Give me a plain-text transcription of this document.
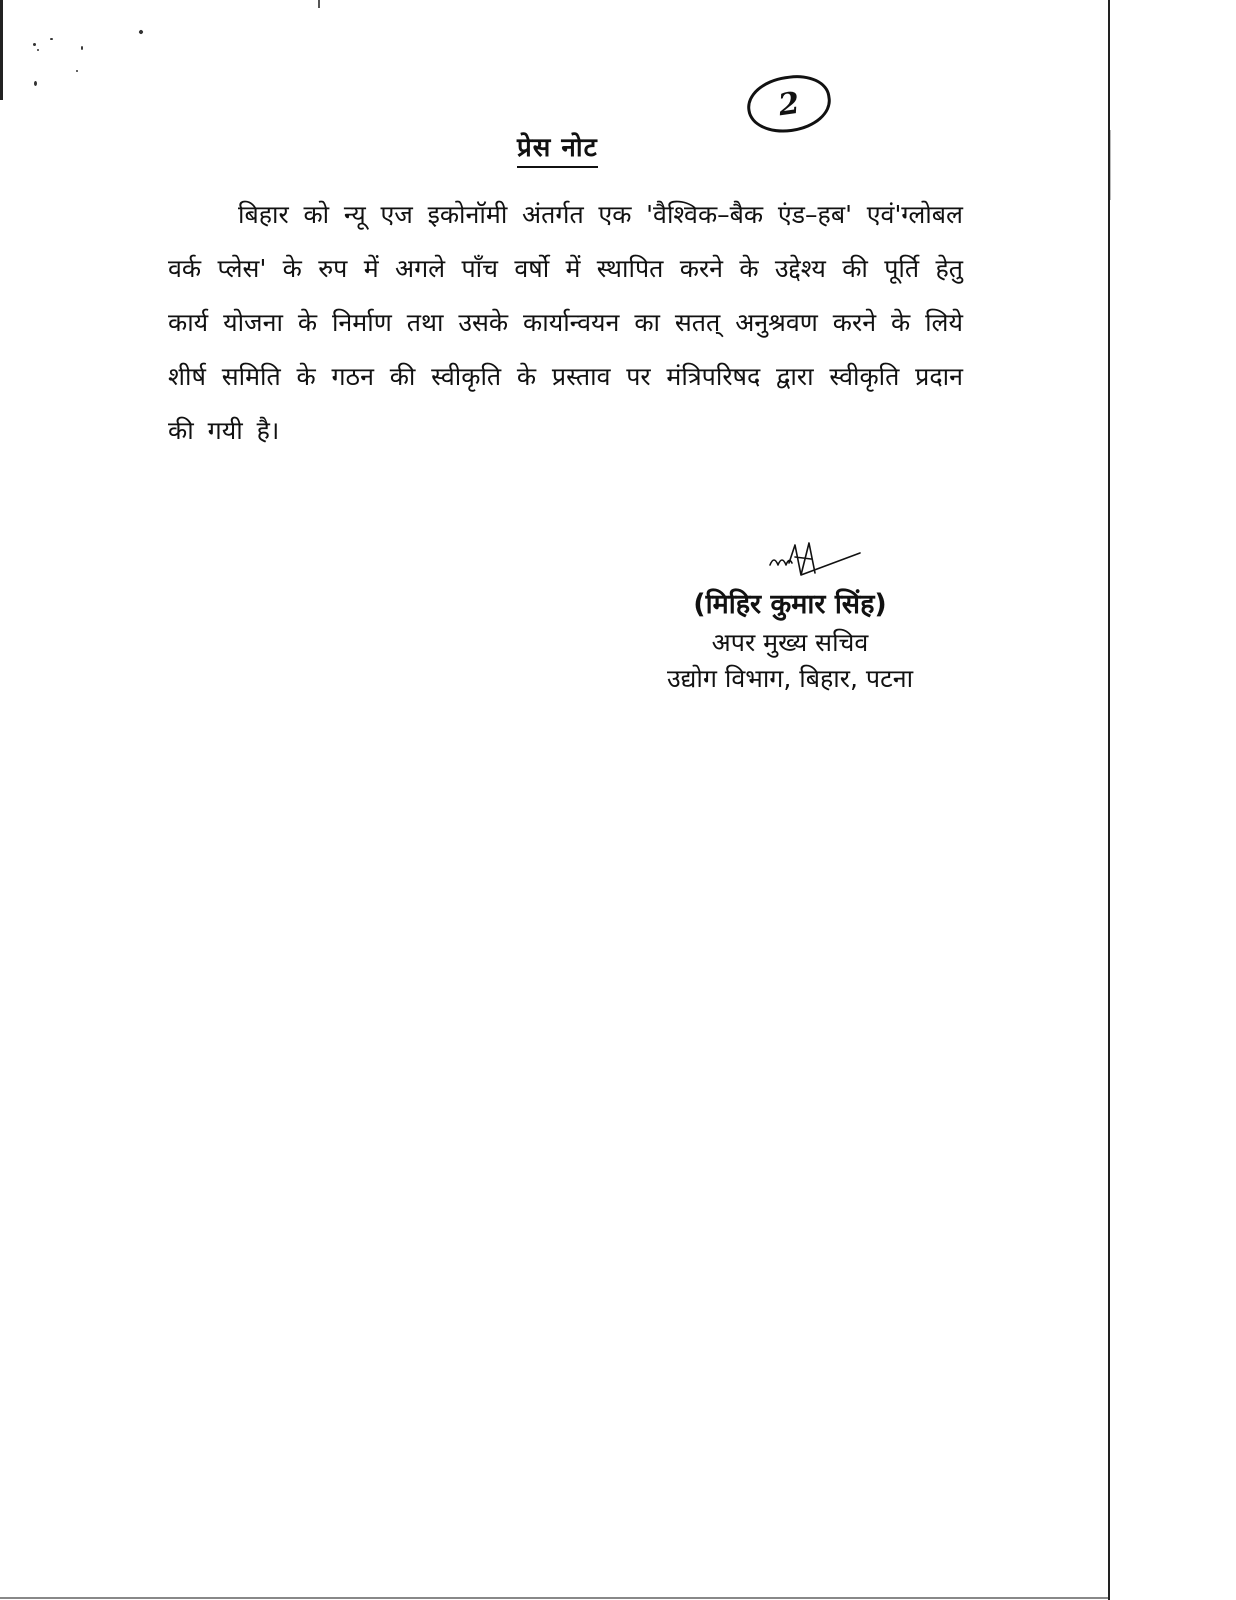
2
प्रेस नोट

बिहार को न्यू एज इकोनॉमी अंतर्गत एक 'वैश्विक–बैक एंड–हब' एवं'ग्लोबल वर्क प्लेस' के रुप में अगले पाँच वर्षो में स्थापित करने के उद्देश्य की पूर्ति हेतु कार्य योजना के निर्माण तथा उसके कार्यान्वयन का सतत् अनुश्रवण करने के लिये शीर्ष समिति के गठन की स्वीकृति के प्रस्ताव पर मंत्रिपरिषद द्वारा स्वीकृति प्रदान की गयी है।

(मिहिर कुमार सिंह)
अपर मुख्य सचिव
उद्योग विभाग, बिहार, पटना
